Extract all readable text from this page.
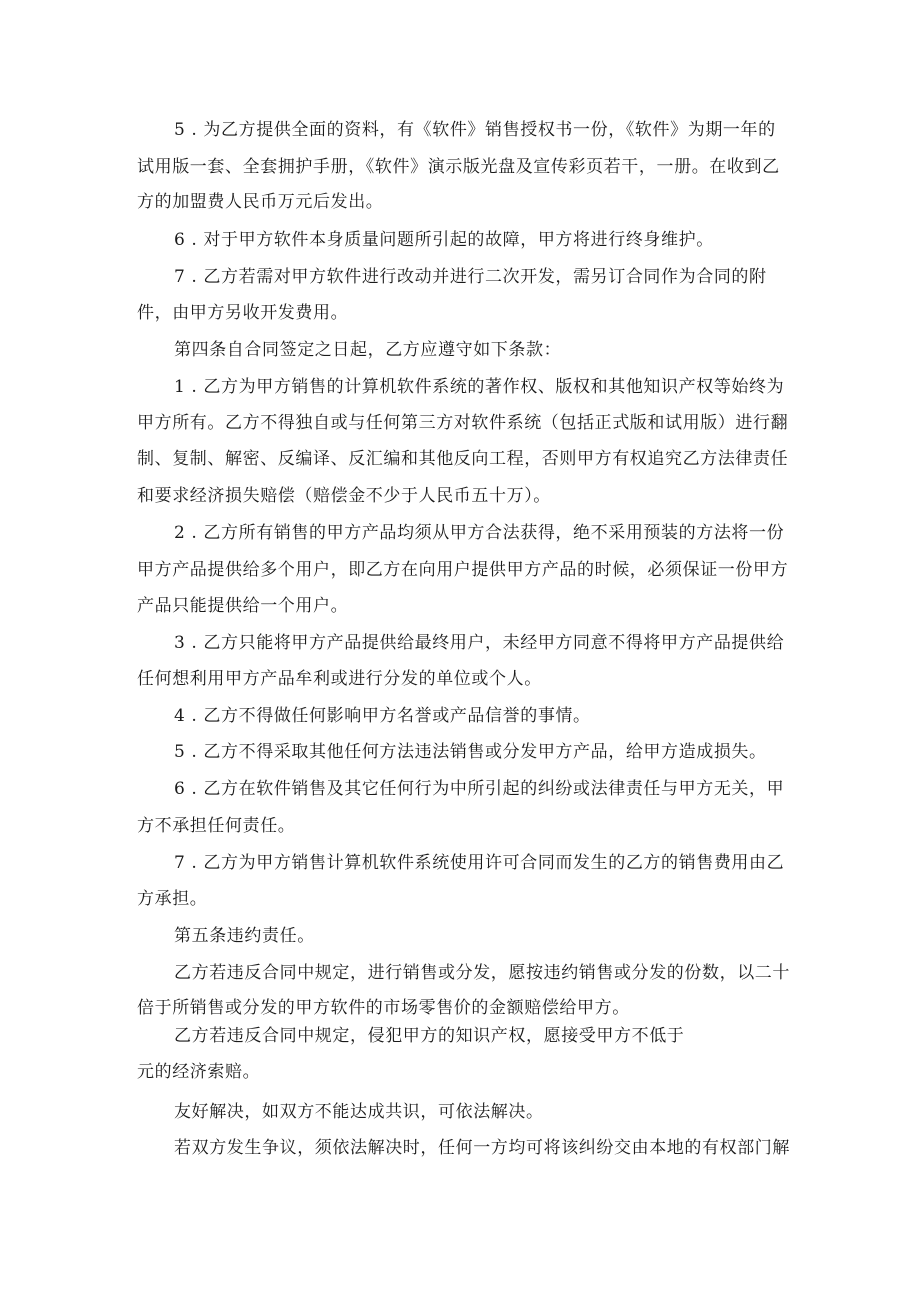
5 . 为乙方提供全面的资料，有《软件》销售授权书一份，《软件》为期一年的
试用版一套、全套拥护手册，《软件》演示版光盘及宣传彩页若干，一册。在收到乙
方的加盟费人民币万元后发出。
6 . 对于甲方软件本身质量问题所引起的故障，甲方将进行终身维护。
7 . 乙方若需对甲方软件进行改动并进行二次开发，需另订合同作为合同的附
件，由甲方另收开发费用。
第四条自合同签定之日起，乙方应遵守如下条款：
1 . 乙方为甲方销售的计算机软件系统的著作权、版权和其他知识产权等始终为
甲方所有。乙方不得独自或与任何第三方对软件系统（包括正式版和试用版）进行翻
制、复制、解密、反编译、反汇编和其他反向工程，否则甲方有权追究乙方法律责任
和要求经济损失赔偿（赔偿金不少于人民币五十万）。
2 . 乙方所有销售的甲方产品均须从甲方合法获得，绝不采用预装的方法将一份
甲方产品提供给多个用户，即乙方在向用户提供甲方产品的时候，必须保证一份甲方
产品只能提供给一个用户。
3 . 乙方只能将甲方产品提供给最终用户，未经甲方同意不得将甲方产品提供给
任何想利用甲方产品牟利或进行分发的单位或个人。
4 . 乙方不得做任何影响甲方名誉或产品信誉的事情。
5 . 乙方不得采取其他任何方法违法销售或分发甲方产品，给甲方造成损失。
6 . 乙方在软件销售及其它任何行为中所引起的纠纷或法律责任与甲方无关，甲
方不承担任何责任。
7 . 乙方为甲方销售计算机软件系统使用许可合同而发生的乙方的销售费用由乙
方承担。
第五条违约责任。
乙方若违反合同中规定，进行销售或分发，愿按违约销售或分发的份数，以二十
倍于所销售或分发的甲方软件的市场零售价的金额赔偿给甲方。
乙方若违反合同中规定，侵犯甲方的知识产权，愿接受甲方不低于
元的经济索赔。
友好解决，如双方不能达成共识，可依法解决。
若双方发生争议，须依法解决时，任何一方均可将该纠纷交由本地的有权部门解
